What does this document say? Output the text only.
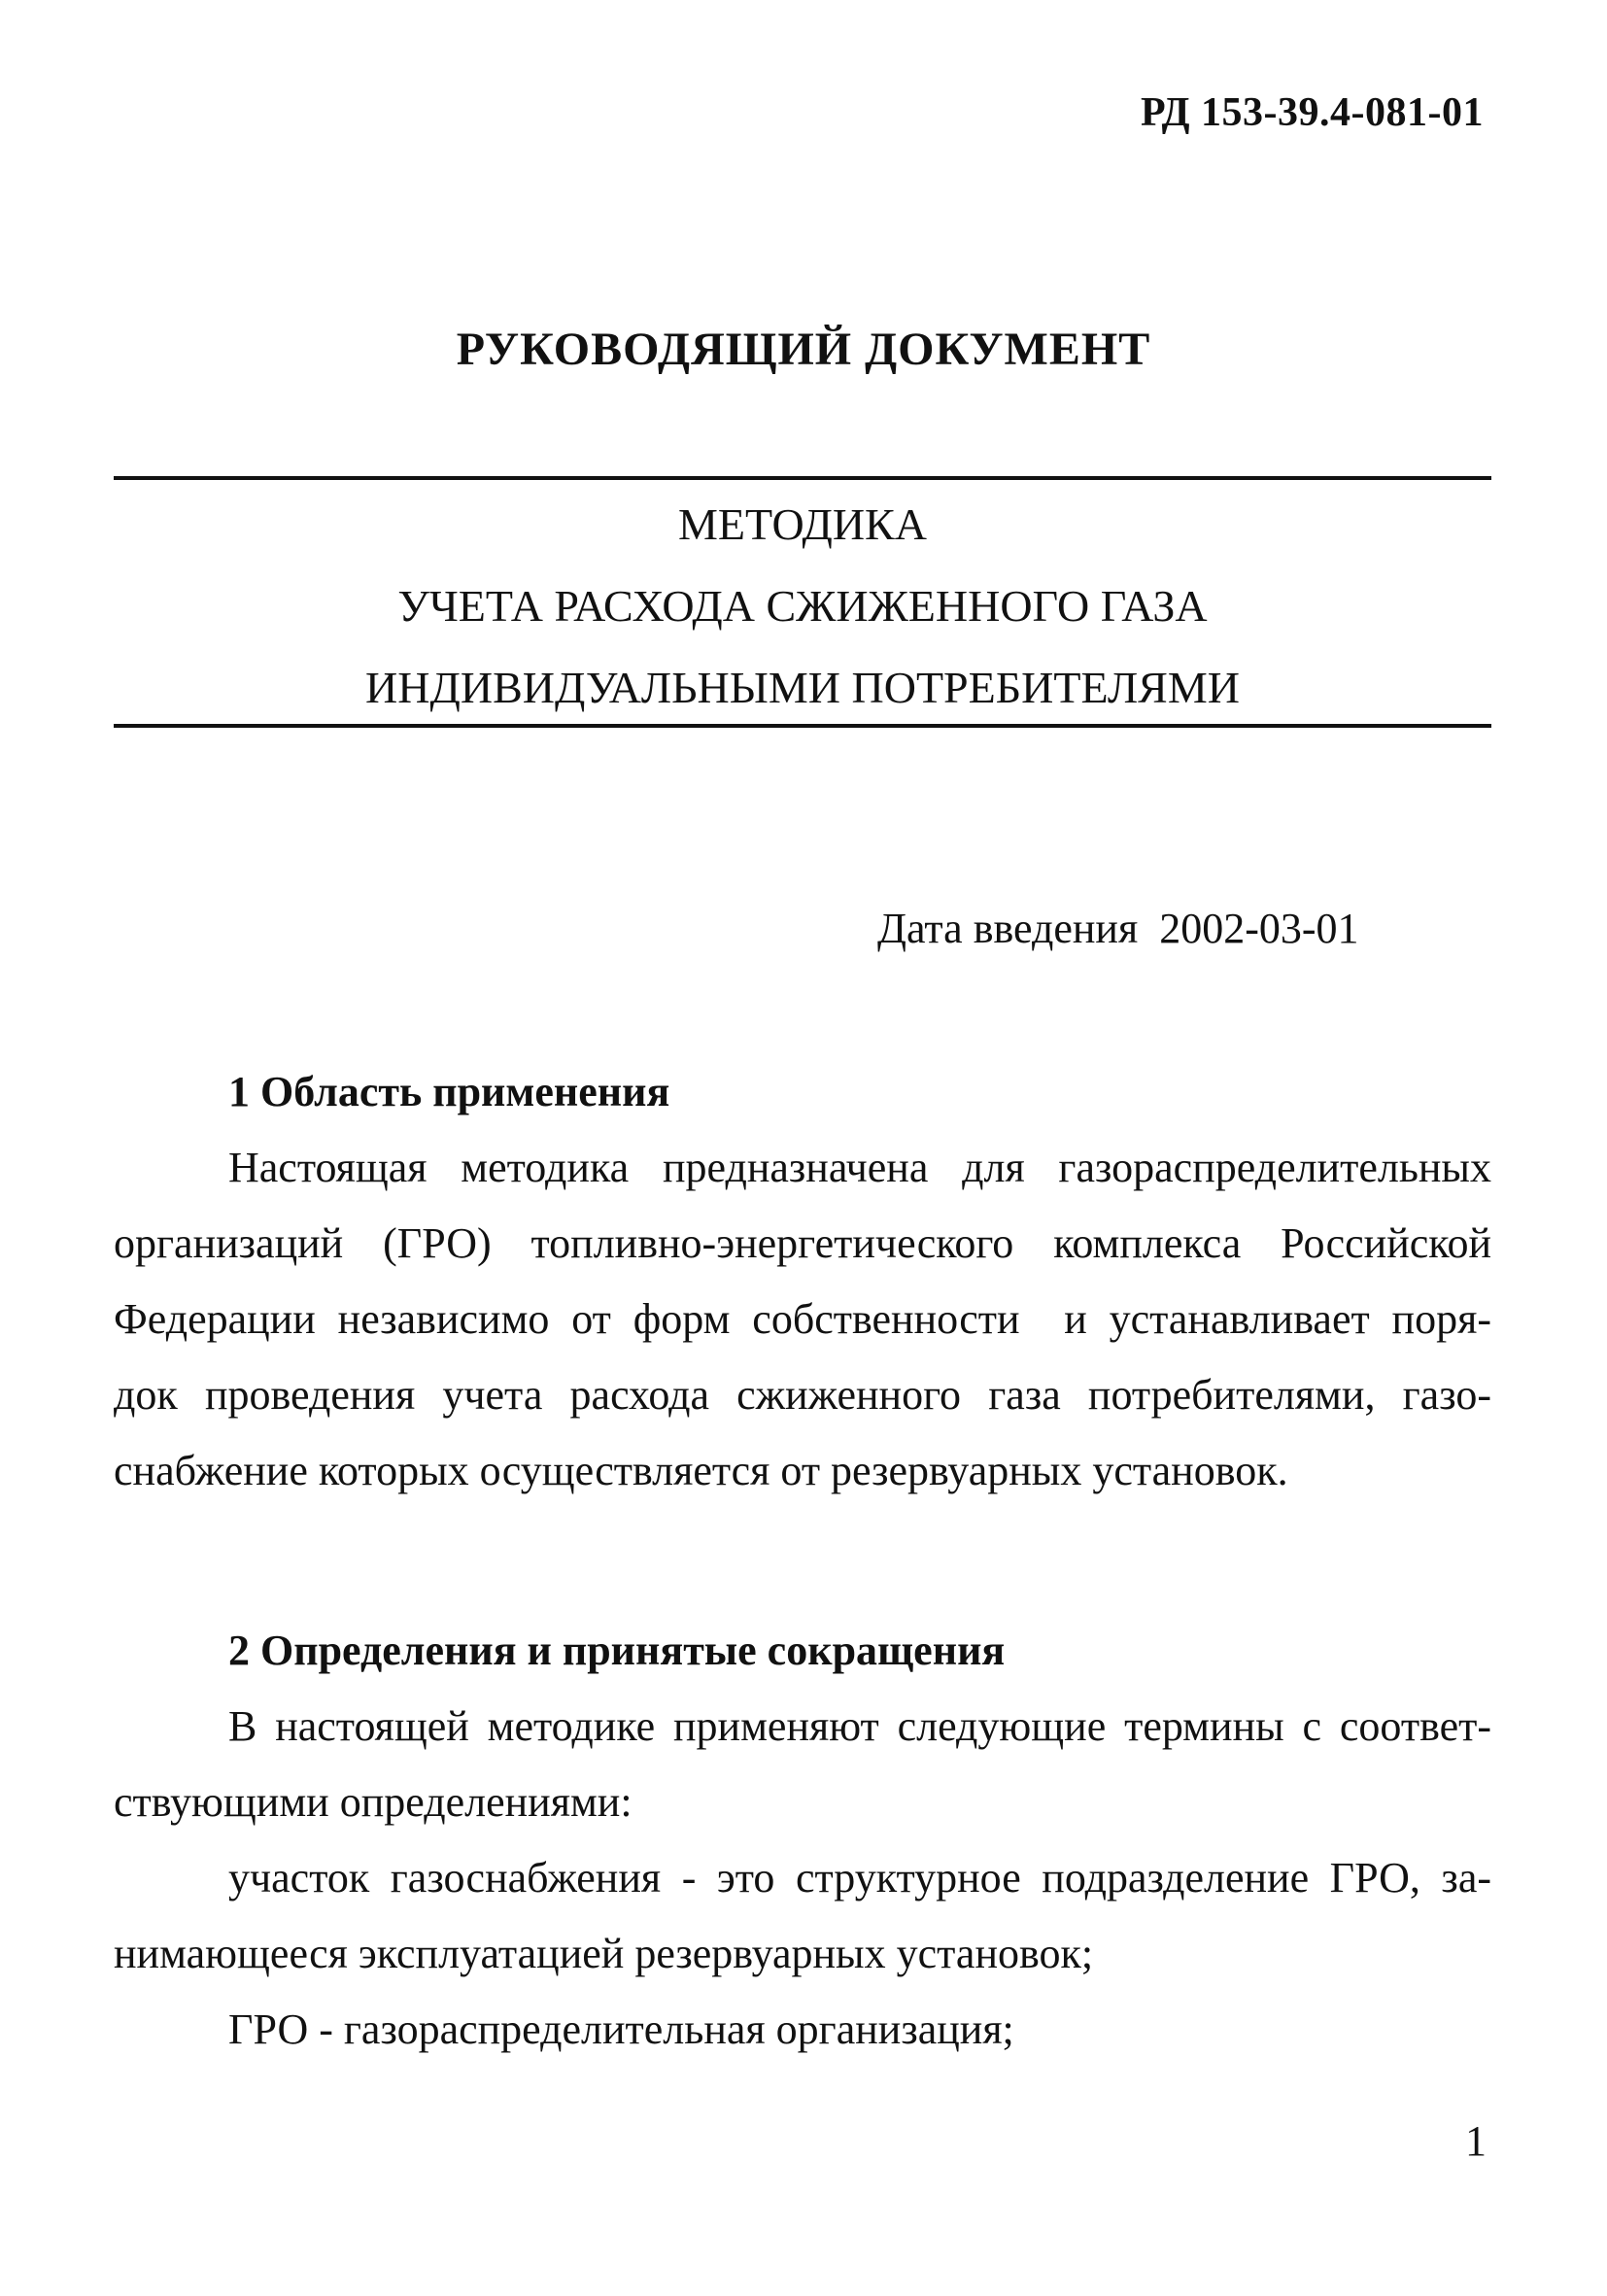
РД 153-39.4-081-01
РУКОВОДЯЩИЙ ДОКУМЕНТ
МЕТОДИКА
УЧЕТА РАСХОДА СЖИЖЕННОГО ГАЗА
ИНДИВИДУАЛЬНЫМИ ПОТРЕБИТЕЛЯМИ
Дата введения  2002-03-01
1 Область применения
Настоящая методика предназначена для газораспределительных
организаций (ГРО) топливно-энергетического комплекса Российской
Федерации независимо от форм собственности  и устанавливает поря-
док проведения учета расхода сжиженного газа потребителями, газо-
снабжение которых осуществляется от резервуарных установок.
2 Определения и принятые сокращения
В настоящей методике применяют следующие термины с соответ-
ствующими определениями:
участок газоснабжения - это структурное подразделение ГРО, за-
нимающееся эксплуатацией резервуарных установок;
ГРО - газораспределительная организация;
1
